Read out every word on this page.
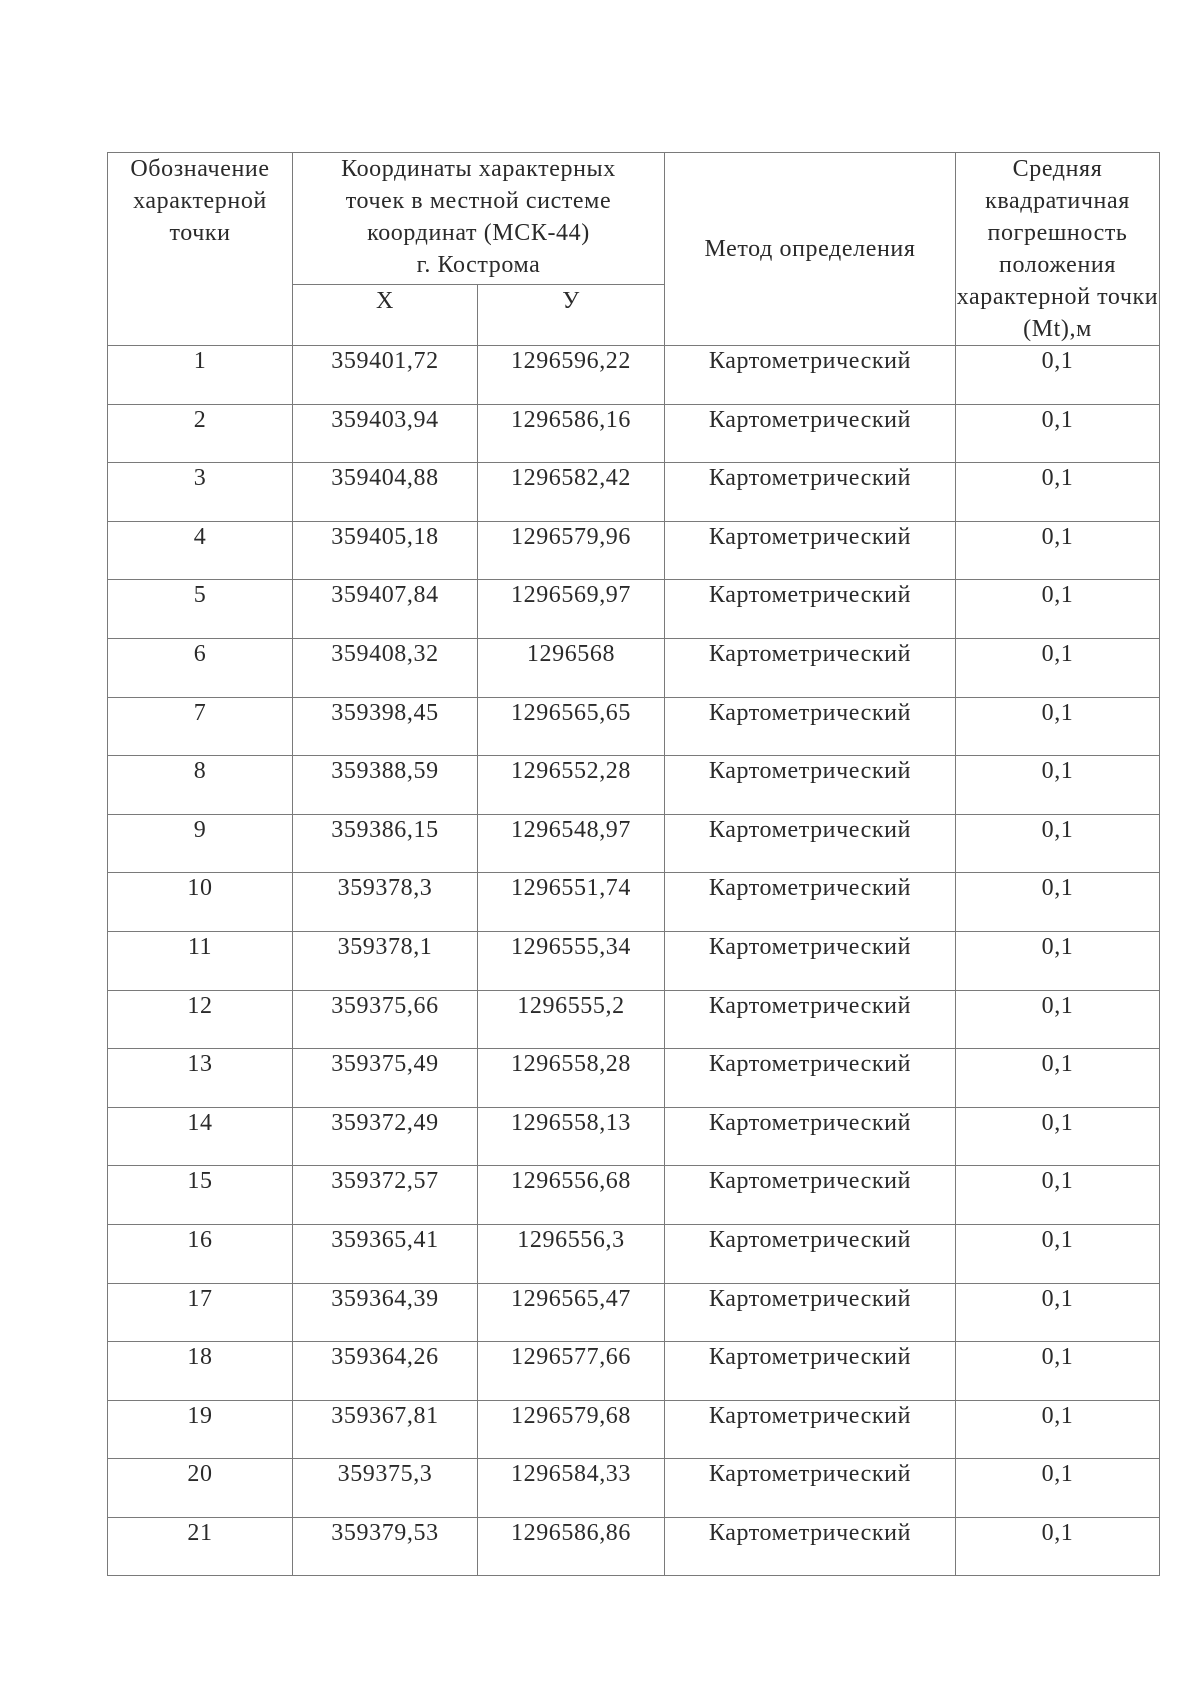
Обозначение характерной точки	Координаты характерных
точек в местной системе
координат (МСК-44)
г. Кострома		Метод определения	Средняя квадратичная погрешность положения характерной точки (Mt),м
	Х	У		
1	359401,72	1296596,22	Картометрический	0,1
2	359403,94	1296586,16	Картометрический	0,1
3	359404,88	1296582,42	Картометрический	0,1
4	359405,18	1296579,96	Картометрический	0,1
5	359407,84	1296569,97	Картометрический	0,1
6	359408,32	1296568	Картометрический	0,1
7	359398,45	1296565,65	Картометрический	0,1
8	359388,59	1296552,28	Картометрический	0,1
9	359386,15	1296548,97	Картометрический	0,1
10	359378,3	1296551,74	Картометрический	0,1
11	359378,1	1296555,34	Картометрический	0,1
12	359375,66	1296555,2	Картометрический	0,1
13	359375,49	1296558,28	Картометрический	0,1
14	359372,49	1296558,13	Картометрический	0,1
15	359372,57	1296556,68	Картометрический	0,1
16	359365,41	1296556,3	Картометрический	0,1
17	359364,39	1296565,47	Картометрический	0,1
18	359364,26	1296577,66	Картометрический	0,1
19	359367,81	1296579,68	Картометрический	0,1
20	359375,3	1296584,33	Картометрический	0,1
21	359379,53	1296586,86	Картометрический	0,1
